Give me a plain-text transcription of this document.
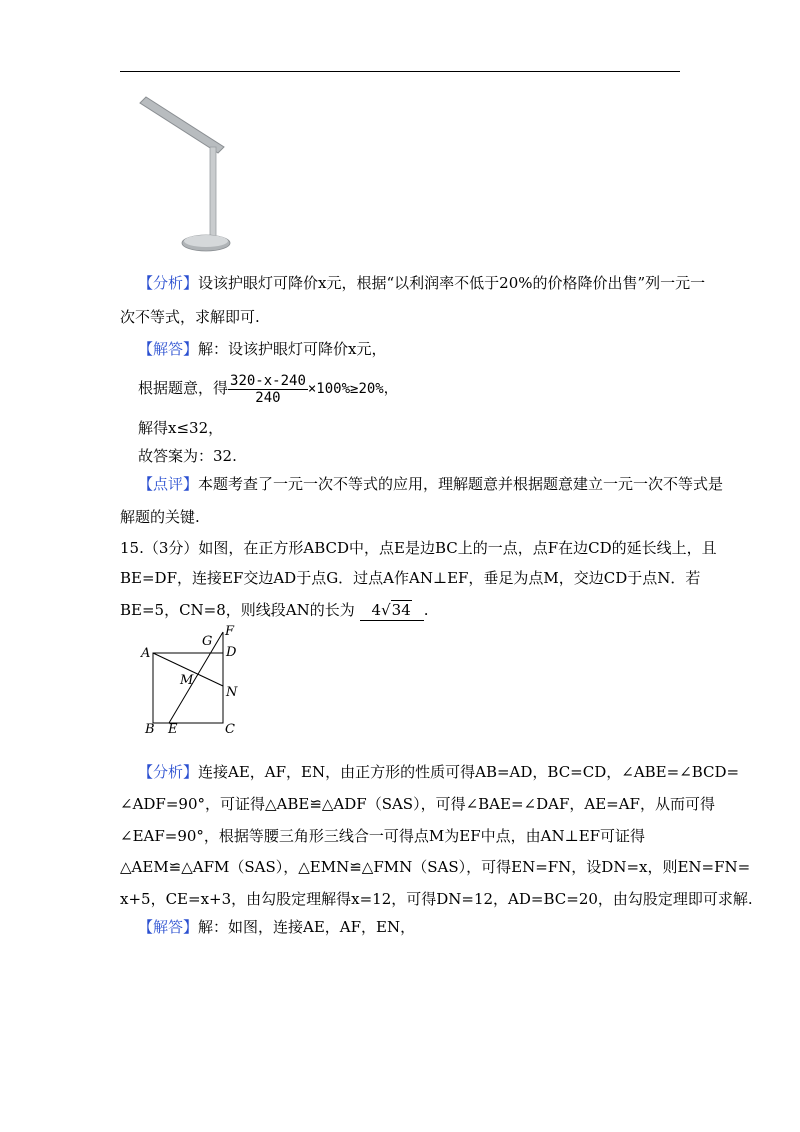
【分析】设该护眼灯可降价x元，根据“以利润率不低于20%的价格降价出售”列一元一
次不等式，求解即可.
【解答】解：设该护眼灯可降价x元，
根据题意，得 $\frac{320-x-240}{240} \times 100\%\ge 20\%$，
解得x≤32，
故答案为：32.
【点评】本题考查了一元一次不等式的应用，理解题意并根据题意建立一元一次不等式是
解题的关键.
15.（3分）如图，在正方形ABCD中，点E是边BC上的一点，点F在边CD的延长线上，且
BE=DF，连接EF交边AD于点G．过点A作AN⊥EF，垂足为点M，交边CD于点N．若
BE=5，CN=8，则线段AN的长为 4√34 .
A
B	C
D
E
F
G
M
N
【分析】连接AE，AF，EN，由正方形的性质可得AB=AD，BC=CD，∠ABE=∠BCD=
∠ADF=90°，可证得△ABE≌△ADF（SAS），可得∠BAE=∠DAF，AE=AF，从而可得
∠EAF=90°，根据等腰三角形三线合一可得点M为EF中点，由AN⊥EF可证得
△AEM≌△AFM（SAS），△EMN≌△FMN（SAS），可得EN=FN，设DN=x，则EN=FN=
x+5，CE=x+3，由勾股定理解得x=12，可得DN=12，AD=BC=20，由勾股定理即可求解.
【解答】解：如图，连接AE，AF，EN，
